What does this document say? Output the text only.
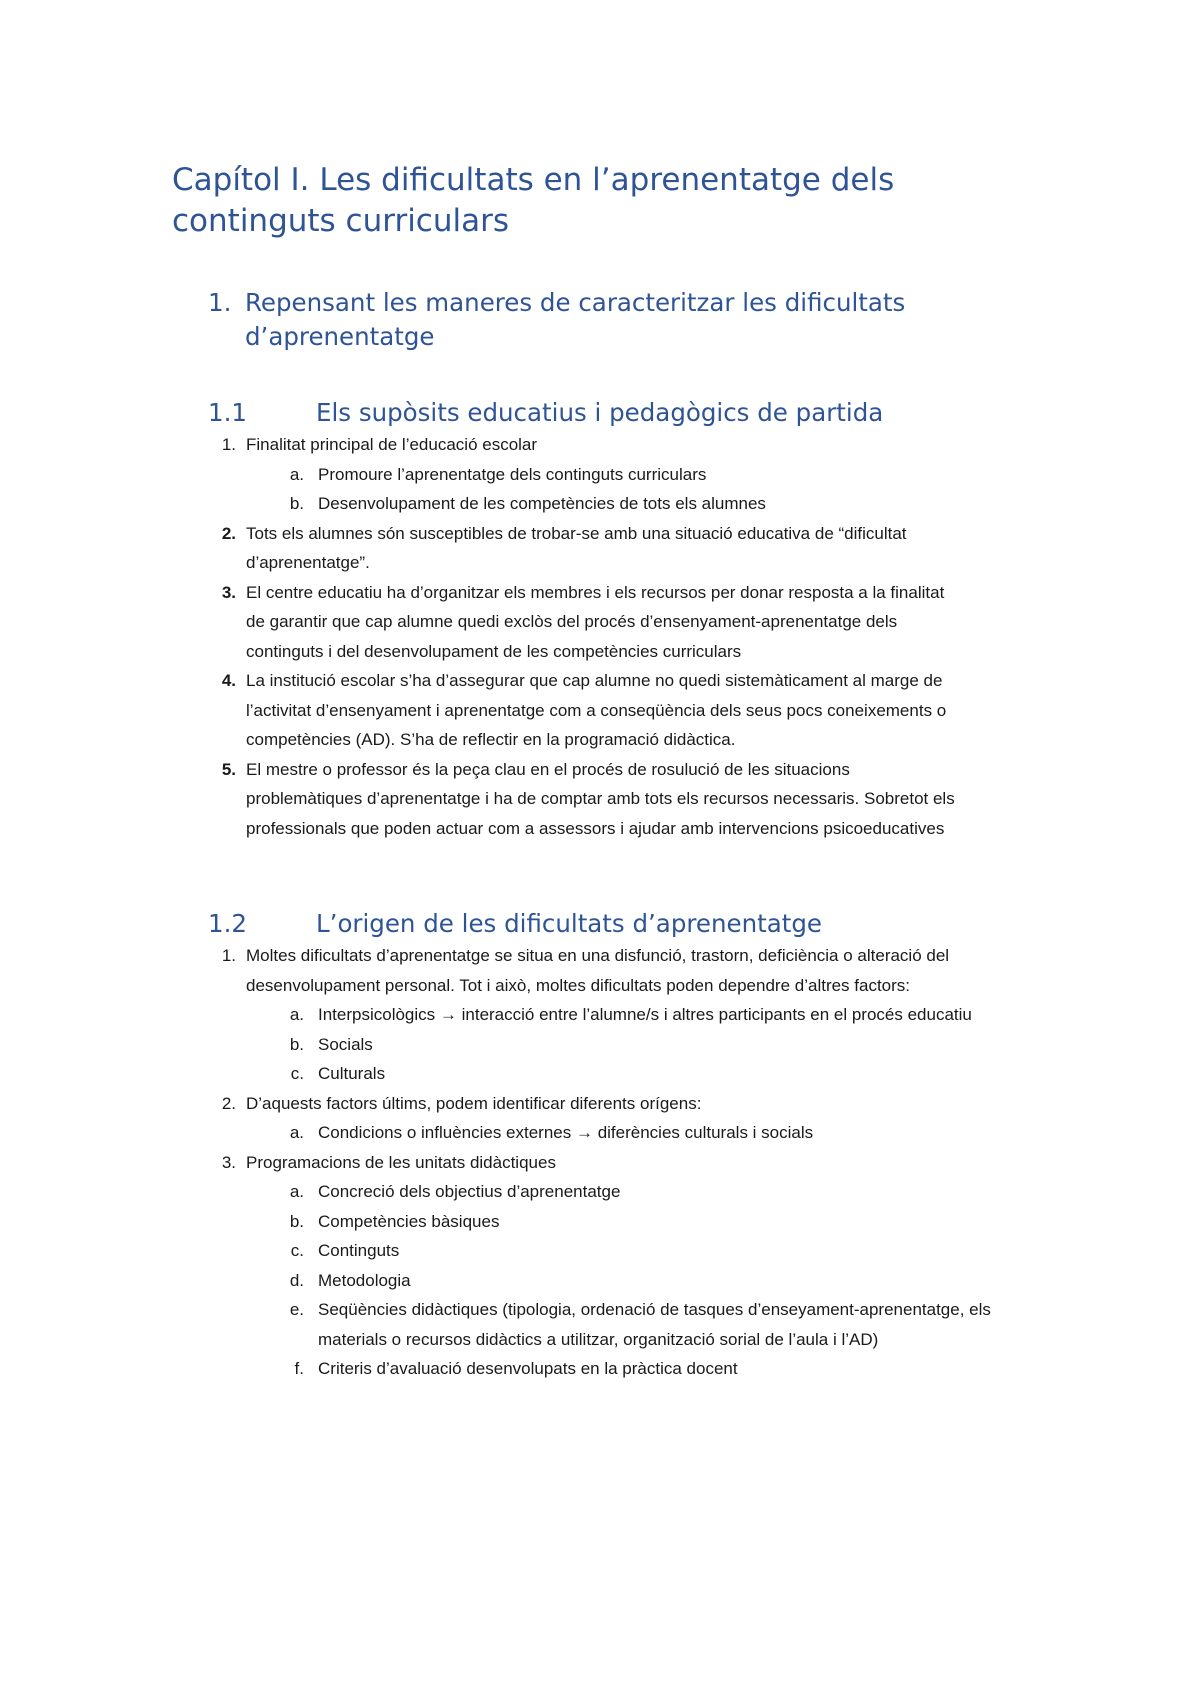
Capítol I. Les dificultats en l’aprenentatge dels continguts curriculars
1. Repensant les maneres de caracteritzar les dificultats d’aprenentatge
1.1	Els supòsits educatius i pedagògics de partida
1. Finalitat principal de l’educació escolar
a. Promoure l’aprenentatge dels continguts curriculars
b. Desenvolupament de les competències de tots els alumnes
2. Tots els alumnes són susceptibles de trobar-se amb una situació educativa de “dificultat d’aprenentatge”.
3. El centre educatiu ha d’organitzar els membres i els recursos per donar resposta a la finalitat de garantir que cap alumne quedi exclòs del procés d’ensenyament-aprenentatge dels continguts i del desenvolupament de les competències curriculars
4. La institució escolar s’ha d’assegurar que cap alumne no quedi sistemàticament al marge de l’activitat d’ensenyament i aprenentatge com a conseqüència dels seus pocs coneixements o competències (AD). S’ha de reflectir en la programació didàctica.
5. El mestre o professor és la peça clau en el procés de rosulució de les situacions problemàtiques d’aprenentatge i ha de comptar amb tots els recursos necessaris. Sobretot els professionals que poden actuar com a assessors i ajudar amb intervencions psicoeducatives
1.2	L’origen de les dificultats d’aprenentatge
1. Moltes dificultats d’aprenentatge se situa en una disfunció, trastorn, deficiència o alteració del desenvolupament personal. Tot i això, moltes dificultats poden dependre d’altres factors:
a. Interpsicològics → interacció entre l’alumne/s i altres participants en el procés educatiu
b. Socials
c. Culturals
2. D’aquests factors últims, podem identificar diferents orígens:
a. Condicions o influències externes → diferències culturals i socials
3. Programacions de les unitats didàctiques
a. Concreció dels objectius d’aprenentatge
b. Competències bàsiques
c. Continguts
d. Metodologia
e. Seqüències didàctiques (tipologia, ordenació de tasques d’enseyament-aprenentatge, els materials o recursos didàctics a utilitzar, organització sorial de l’aula i l’AD)
f. Criteris d’avaluació desenvolupats en la pràctica docent
